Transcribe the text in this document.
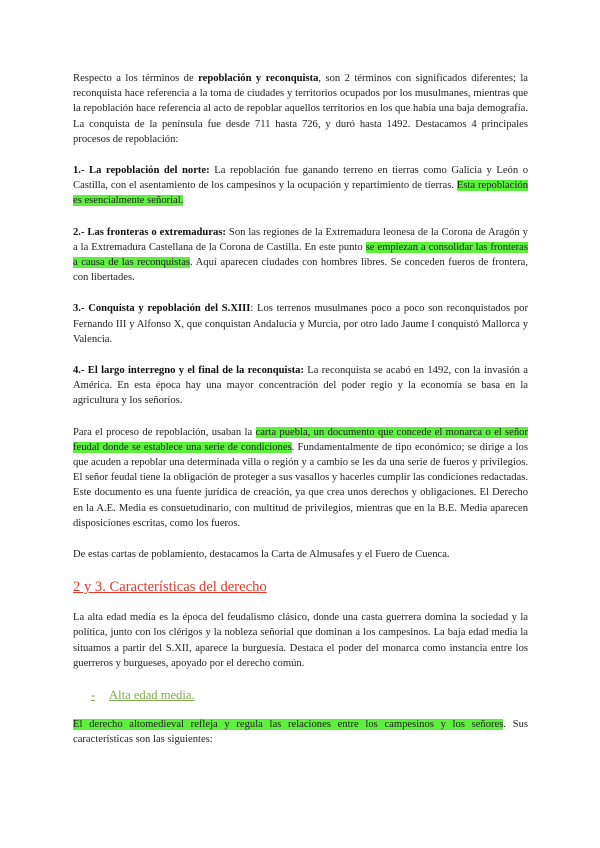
Respecto a los términos de repoblación y reconquista, son 2 términos con significados diferentes; la reconquista hace referencia a la toma de ciudades y territorios ocupados por los musulmanes, mientras que la repoblación hace referencia al acto de repoblar aquellos territorios en los que había una baja demografía. La conquista de la península fue desde 711 hasta 726, y duró hasta 1492. Destacamos 4 principales procesos de repoblación:

1.- La repoblación del norte: La repoblación fue ganando terreno en tierras como Galicia y León o Castilla, con el asentamiento de los campesinos y la ocupación y repartimiento de tierras. Esta repoblación es esencialmente señorial.

2.- Las fronteras o extremaduras: Son las regiones de la Extremadura leonesa de la Corona de Aragón y a la Extremadura Castellana de la Corona de Castilla. En este punto se empiezan a consolidar las fronteras a causa de las reconquistas. Aquí aparecen ciudades con hombres libres. Se conceden fueros de frontera, con libertades.

3.- Conquista y repoblación del S.XIII: Los terrenos musulmanes poco a poco son reconquistados por Fernando III y Alfonso X, que conquistan Andalucía y Murcia, por otro lado Jaume I conquistó Mallorca y Valencia.

4.- El largo interregno y el final de la reconquista: La reconquista se acabó en 1492, con la invasión a América. En esta época hay una mayor concentración del poder regio y la economía se basa en la agricultura y los señoríos.

Para el proceso de repoblación, usaban la carta puebla, un documento que concede el monarca o el señor feudal donde se establece una serie de condiciones. Fundamentalmente de tipo económico; se dirige a los que acuden a repoblar una determinada villa o región y a cambio se les da una serie de fueros y privilegios. El señor feudal tiene la obligación de proteger a sus vasallos y hacerles cumplir las condiciones redactadas. Este documento es una fuente jurídica de creación, ya que crea unos derechos y obligaciones. El Derecho en la A.E. Media es consuetudinario, con multitud de privilegios, mientras que en la B.E. Media aparecen disposiciones escritas, como los fueros.

De estas cartas de poblamiento, destacamos la Carta de Almusafes y el Fuero de Cuenca.

2 y 3. Características del derecho

La alta edad media es la época del feudalismo clásico, donde una casta guerrera domina la sociedad y la política, junto con los clérigos y la nobleza señorial que dominan a los campesinos. La baja edad media la situamos a partir del S.XII, aparece la burguesía. Destaca el poder del monarca como instancia entre los guerreros y burgueses, apoyado por el derecho común.

-	Alta edad media.

El derecho altomedieval refleja y regula las relaciones entre los campesinos y los señores. Sus características son las siguientes:
